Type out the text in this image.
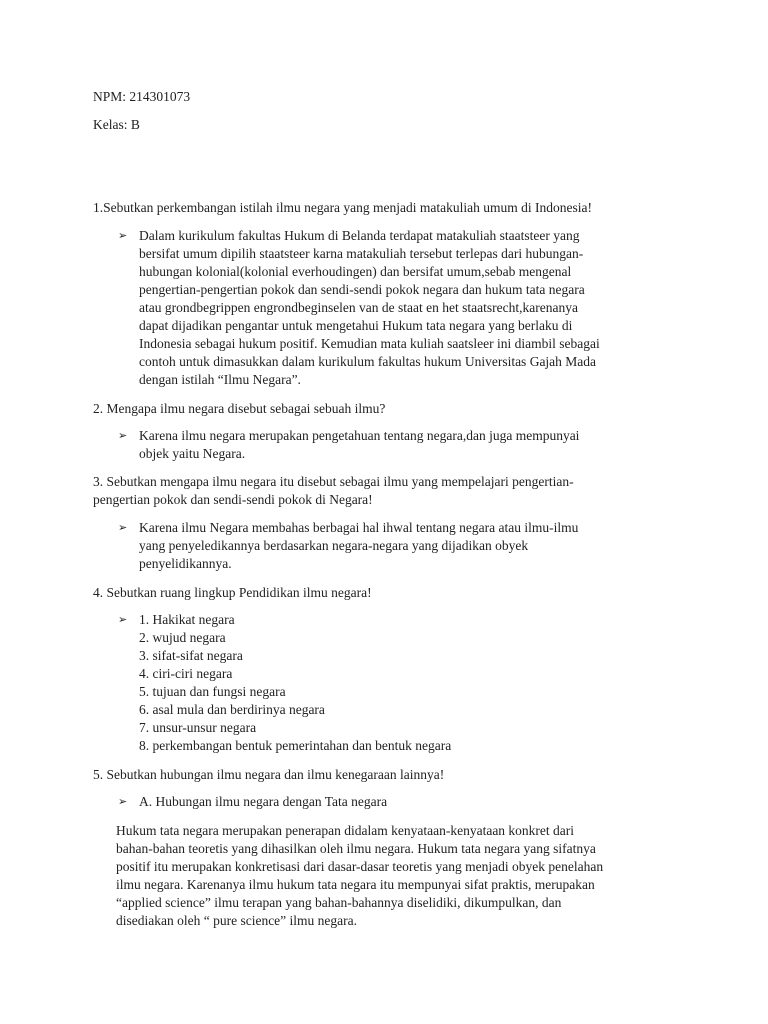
NPM: 214301073
Kelas: B
1.Sebutkan perkembangan istilah ilmu negara yang menjadi matakuliah umum di Indonesia!
➢ Dalam kurikulum fakultas Hukum di Belanda terdapat matakuliah staatsteer yang
bersifat umum dipilih staatsteer karna matakuliah tersebut terlepas dari hubungan-
hubungan kolonial(kolonial everhoudingen) dan bersifat umum,sebab mengenal
pengertian-pengertian pokok dan sendi-sendi pokok negara dan hukum tata negara
atau grondbegrippen engrondbeginselen van de staat en het staatsrecht,karenanya
dapat dijadikan pengantar untuk mengetahui Hukum tata negara yang berlaku di
Indonesia sebagai hukum positif. Kemudian mata kuliah saatsleer ini diambil sebagai
contoh untuk dimasukkan dalam kurikulum fakultas hukum Universitas Gajah Mada
dengan istilah “Ilmu Negara”.
2. Mengapa ilmu negara disebut sebagai sebuah ilmu?
➢ Karena ilmu negara merupakan pengetahuan tentang negara,dan juga mempunyai
objek yaitu Negara.
3. Sebutkan mengapa ilmu negara itu disebut sebagai ilmu yang mempelajari pengertian-
pengertian pokok dan sendi-sendi pokok di Negara!
➢ Karena ilmu Negara membahas berbagai hal ihwal tentang negara atau ilmu-ilmu
yang penyeledikannya berdasarkan negara-negara yang dijadikan obyek
penyelidikannya.
4. Sebutkan ruang lingkup Pendidikan ilmu negara!
➢ 1. Hakikat negara
2. wujud negara
3. sifat-sifat negara
4. ciri-ciri negara
5. tujuan dan fungsi negara
6. asal mula dan berdirinya negara
7. unsur-unsur negara
8. perkembangan bentuk pemerintahan dan bentuk negara
5. Sebutkan hubungan ilmu negara dan ilmu kenegaraan lainnya!
➢ A. Hubungan ilmu negara dengan Tata negara
Hukum tata negara merupakan penerapan didalam kenyataan-kenyataan konkret dari
bahan-bahan teoretis yang dihasilkan oleh ilmu negara. Hukum tata negara yang sifatnya
positif itu merupakan konkretisasi dari dasar-dasar teoretis yang menjadi obyek penelahan
ilmu negara. Karenanya ilmu hukum tata negara itu mempunyai sifat praktis, merupakan
“applied science” ilmu terapan yang bahan-bahannya diselidiki, dikumpulkan, dan
disediakan oleh “ pure science” ilmu negara.
